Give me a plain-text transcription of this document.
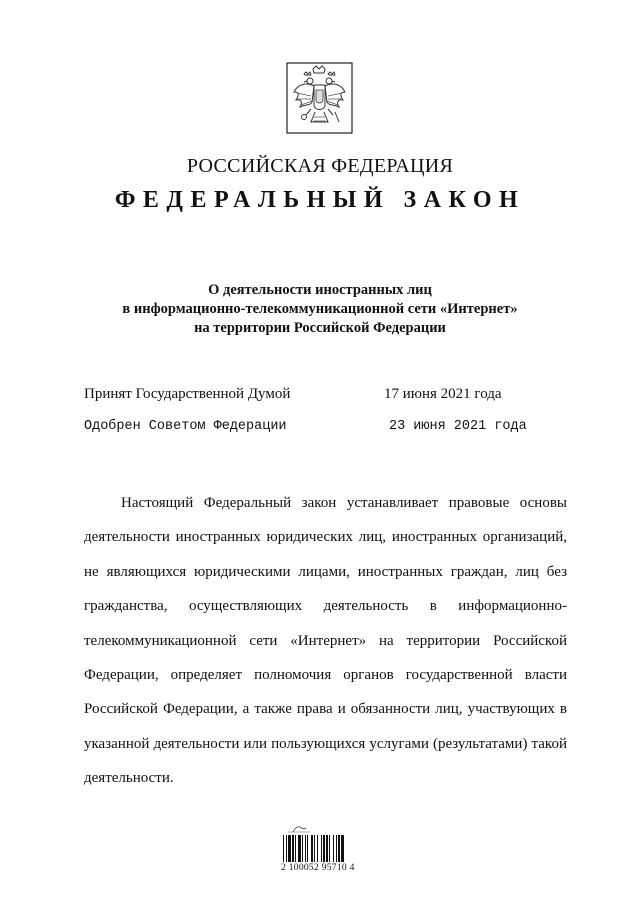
РОССИЙСКАЯ ФЕДЕРАЦИЯ
ФЕДЕРАЛЬНЫЙ ЗАКОН
О деятельности иностранных лиц
в информационно-телекоммуникационной сети «Интернет»
на территории Российской Федерации
Принят Государственной Думой	17 июня 2021 года
Одобрен Советом Федерации	23 июня 2021 года

Настоящий Федеральный закон устанавливает правовые основы деятельности иностранных юридических лиц, иностранных организаций, не являющихся юридическими лицами, иностранных граждан, лиц без гражданства, осуществляющих деятельность в информационно-телекоммуникационной сети «Интернет» на территории Российской Федерации, определяет полномочия органов государственной власти Российской Федерации, а также права и обязанности лиц, участвующих в указанной деятельности или пользующихся услугами (результатами) такой деятельности.

2 100052 95710 4
